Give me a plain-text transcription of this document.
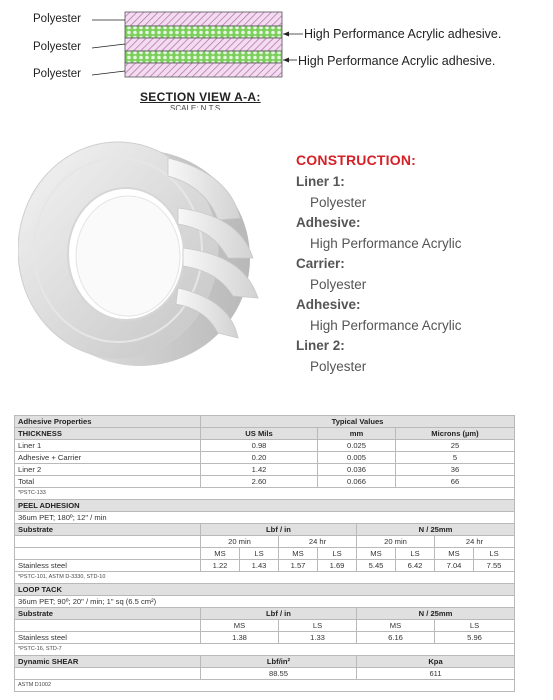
Polyester
Polyester
Polyester
High Performance Acrylic adhesive.
High Performance Acrylic adhesive.
SECTION VIEW A-A:
SCALE: N.T.S
CONSTRUCTION:
Liner 1:
Polyester
Adhesive:
High Performance Acrylic
Carrier:
Polyester
Adhesive:
High Performance Acrylic
Liner 2:
Polyester
Adhesive Properties	Typical Values							
THICKNESS	US Mils			mm		Microns (µm)		
Liner 1	0.98			0.025		25		
Adhesive + Carrier	0.20			0.005		5		
Liner 2	1.42			0.036		36		
Total	2.60			0.066		66		
*PSTC-133								
PEEL ADHESION								
36um PET; 180º; 12" / min								
Substrate	Lbf / in				N / 25mm			
	20 min		24 hr		20 min		24 hr	
	MS	LS	MS	LS	MS	LS	MS	LS
Stainless steel	1.22	1.43	1.57	1.69	5.45	6.42	7.04	7.55
*PSTC-101, ASTM D-3330, STD-10								
LOOP TACK								
36um PET; 90º; 20" / min; 1" sq (6.5 cm²)								
Substrate	Lbf / in				N / 25mm			
	MS		LS		MS		LS	
Stainless steel	1.38		1.33		6.16		5.96	
*PSTC-16, STD-7								
Dynamic SHEAR	Lbf/in²				Kpa			
	88.55				611			
ASTM D1002								
